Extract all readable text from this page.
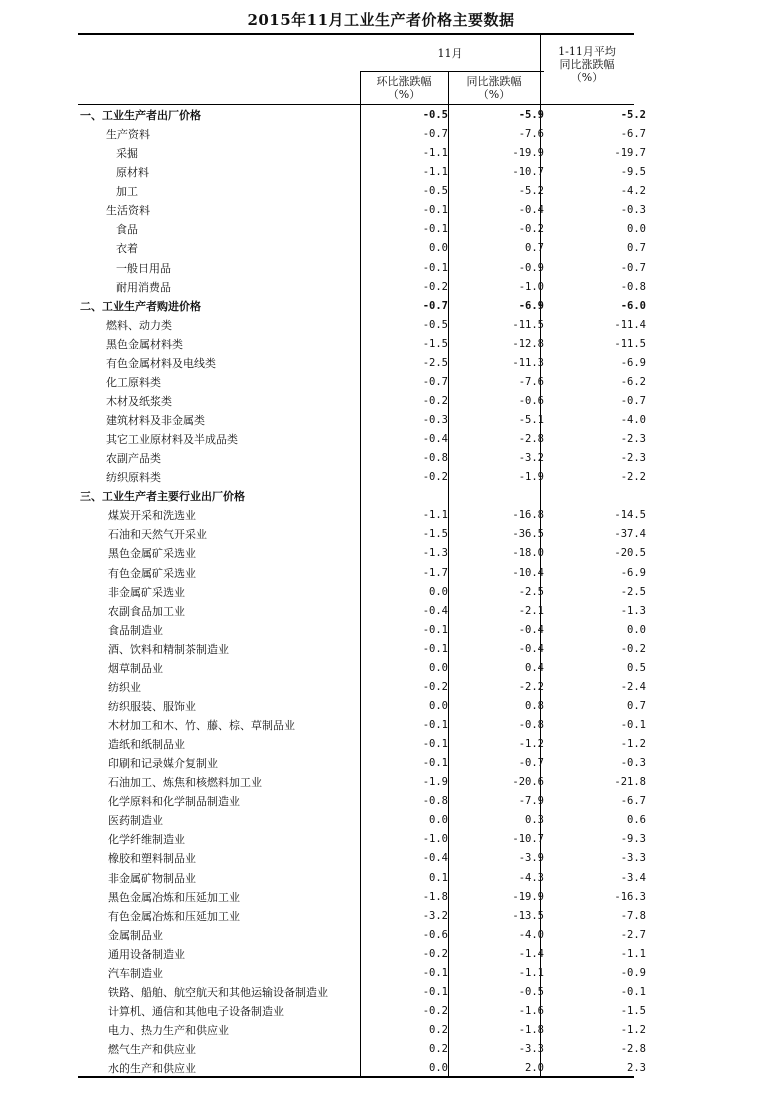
2015年11月工业生产者价格主要数据
11月
环比涨跌幅
（%）
同比涨跌幅
（%）
1-11月平均
同比涨跌幅
（%）
一、工业生产者出厂价格	-0.5	-5.9	-5.2
生产资料	-0.7	-7.6	-6.7
采掘	-1.1	-19.9	-19.7
原材料	-1.1	-10.7	-9.5
加工	-0.5	-5.2	-4.2
生活资料	-0.1	-0.4	-0.3
食品	-0.1	-0.2	0.0
衣着	0.0	0.7	0.7
一般日用品	-0.1	-0.9	-0.7
耐用消费品	-0.2	-1.0	-0.8
二、工业生产者购进价格	-0.7	-6.9	-6.0
燃料、动力类	-0.5	-11.5	-11.4
黑色金属材料类	-1.5	-12.8	-11.5
有色金属材料及电线类	-2.5	-11.3	-6.9
化工原料类	-0.7	-7.6	-6.2
木材及纸浆类	-0.2	-0.6	-0.7
建筑材料及非金属类	-0.3	-5.1	-4.0
其它工业原材料及半成品类	-0.4	-2.8	-2.3
农副产品类	-0.8	-3.2	-2.3
纺织原料类	-0.2	-1.9	-2.2
三、工业生产者主要行业出厂价格			
煤炭开采和洗选业	-1.1	-16.8	-14.5
石油和天然气开采业	-1.5	-36.5	-37.4
黑色金属矿采选业	-1.3	-18.0	-20.5
有色金属矿采选业	-1.7	-10.4	-6.9
非金属矿采选业	0.0	-2.5	-2.5
农副食品加工业	-0.4	-2.1	-1.3
食品制造业	-0.1	-0.4	0.0
酒、饮料和精制茶制造业	-0.1	-0.4	-0.2
烟草制品业	0.0	0.4	0.5
纺织业	-0.2	-2.2	-2.4
纺织服装、服饰业	0.0	0.8	0.7
木材加工和木、竹、藤、棕、草制品业	-0.1	-0.8	-0.1
造纸和纸制品业	-0.1	-1.2	-1.2
印刷和记录媒介复制业	-0.1	-0.7	-0.3
石油加工、炼焦和核燃料加工业	-1.9	-20.6	-21.8
化学原料和化学制品制造业	-0.8	-7.9	-6.7
医药制造业	0.0	0.3	0.6
化学纤维制造业	-1.0	-10.7	-9.3
橡胶和塑料制品业	-0.4	-3.9	-3.3
非金属矿物制品业	0.1	-4.3	-3.4
黑色金属冶炼和压延加工业	-1.8	-19.9	-16.3
有色金属冶炼和压延加工业	-3.2	-13.5	-7.8
金属制品业	-0.6	-4.0	-2.7
通用设备制造业	-0.2	-1.4	-1.1
汽车制造业	-0.1	-1.1	-0.9
铁路、船舶、航空航天和其他运输设备制造业	-0.1	-0.5	-0.1
计算机、通信和其他电子设备制造业	-0.2	-1.6	-1.5
电力、热力生产和供应业	0.2	-1.8	-1.2
燃气生产和供应业	0.2	-3.3	-2.8
水的生产和供应业	0.0	2.0	2.3
